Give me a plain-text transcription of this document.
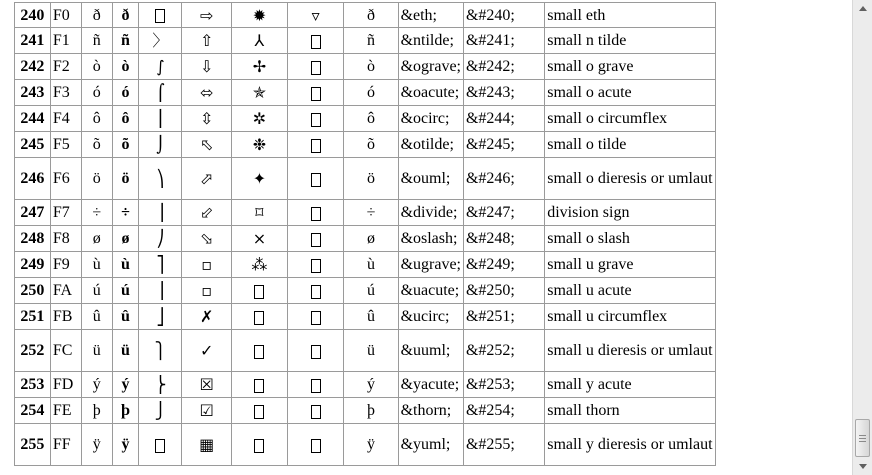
240	F0	ð	ð		⇨	✹	▿	ð	&eth;	&#240;	small eth
241	F1	ñ	ñ	〉	⇧	⅄		ñ	&ntilde;	&#241;	small n tilde
242	F2	ò	ò	∫	⇩	✢		ò	&ograve;	&#242;	small o grave
243	F3	ó	ó	⌠	⬄	✯		ó	&oacute;	&#243;	small o acute
244	F4	ô	ô	⎮	⇳	✲		ô	&ocirc;	&#244;	small o circumflex
245	F5	õ	õ	⌡	⬁	❉		õ	&otilde;	&#245;	small o tilde
246	F6	ö	ö	⎞	⬀	✦		ö	&ouml;	&#246;	small o dieresis or umlaut
247	F7	÷	÷	⎟	⬃	⌑		÷	&divide;	&#247;	division sign
248	F8	ø	ø	⎠	⬂	⨯		ø	&oslash;	&#248;	small o slash
249	F9	ù	ù	⎤	▫	⁂		ù	&ugrave;	&#249;	small u grave
250	FA	ú	ú	⎥	▫			ú	&uacute;	&#250;	small u acute
251	FB	û	û	⎦	✗			û	&ucirc;	&#251;	small u circumflex
252	FC	ü	ü	⎫	✓			ü	&uuml;	&#252;	small u dieresis or umlaut
253	FD	ý	ý	⎬	☒			ý	&yacute;	&#253;	small y acute
254	FE	þ	þ	⎭	☑			þ	&thorn;	&#254;	small thorn
255	FF	ÿ	ÿ		▦			ÿ	&yuml;	&#255;	small y dieresis or umlaut
